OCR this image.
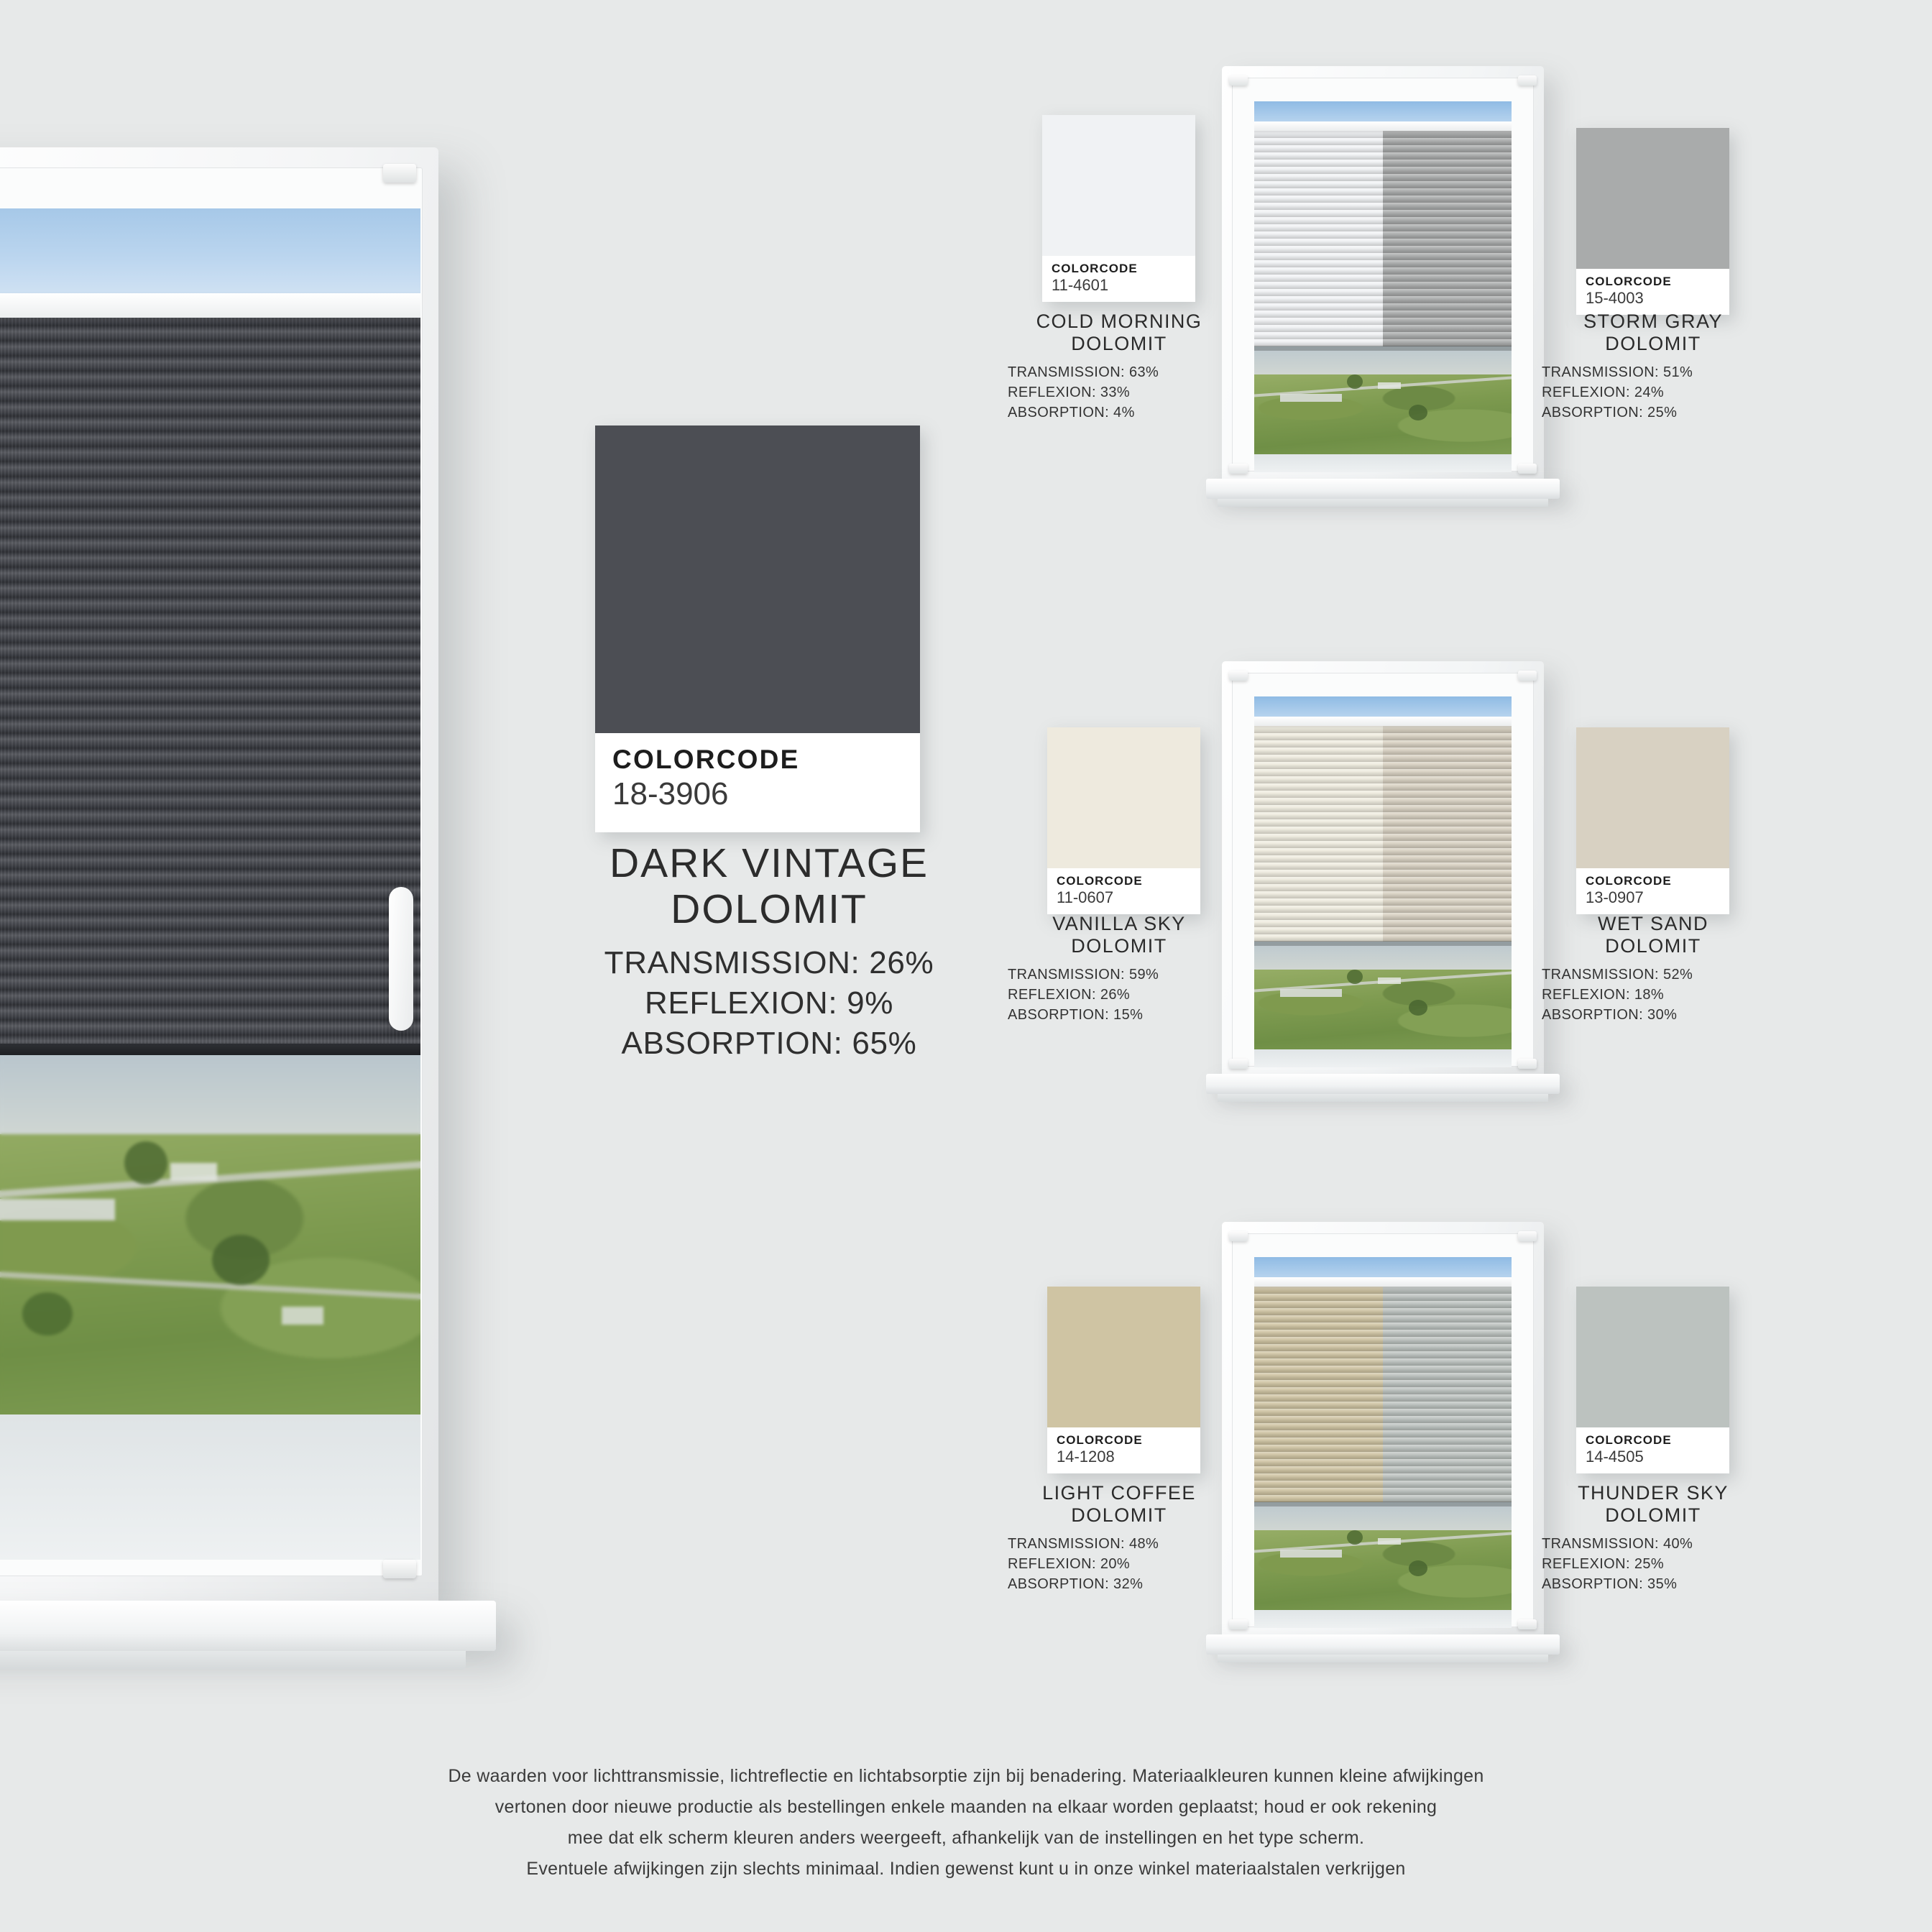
COLORCODE
18-3906
DARK VINTAGE
DOLOMIT
TRANSMISSION: 26%
REFLEXION: 9%
ABSORPTION: 65%
COLORCODE
11-4601
COLD MORNING
DOLOMIT
TRANSMISSION: 63%
REFLEXION: 33%
ABSORPTION: 4%
COLORCODE
15-4003
STORM GRAY
DOLOMIT
TRANSMISSION: 51%
REFLEXION: 24%
ABSORPTION: 25%
COLORCODE
11-0607
VANILLA SKY
DOLOMIT
TRANSMISSION: 59%
REFLEXION: 26%
ABSORPTION: 15%
COLORCODE
13-0907
WET SAND
DOLOMIT
TRANSMISSION: 52%
REFLEXION: 18%
ABSORPTION: 30%
COLORCODE
14-1208
LIGHT COFFEE
DOLOMIT
TRANSMISSION: 48%
REFLEXION: 20%
ABSORPTION: 32%
COLORCODE
14-4505
THUNDER SKY
DOLOMIT
TRANSMISSION: 40%
REFLEXION: 25%
ABSORPTION: 35%

De waarden voor lichttransmissie, lichtreflectie en lichtabsorptie zijn bij benadering. Materiaalkleuren kunnen kleine afwijkingen

vertonen door nieuwe productie als bestellingen enkele maanden na elkaar worden geplaatst; houd er ook rekening

mee dat elk scherm kleuren anders weergeeft, afhankelijk van de instellingen en het type scherm.

Eventuele afwijkingen zijn slechts minimaal. Indien gewenst kunt u in onze winkel materiaalstalen verkrijgen
